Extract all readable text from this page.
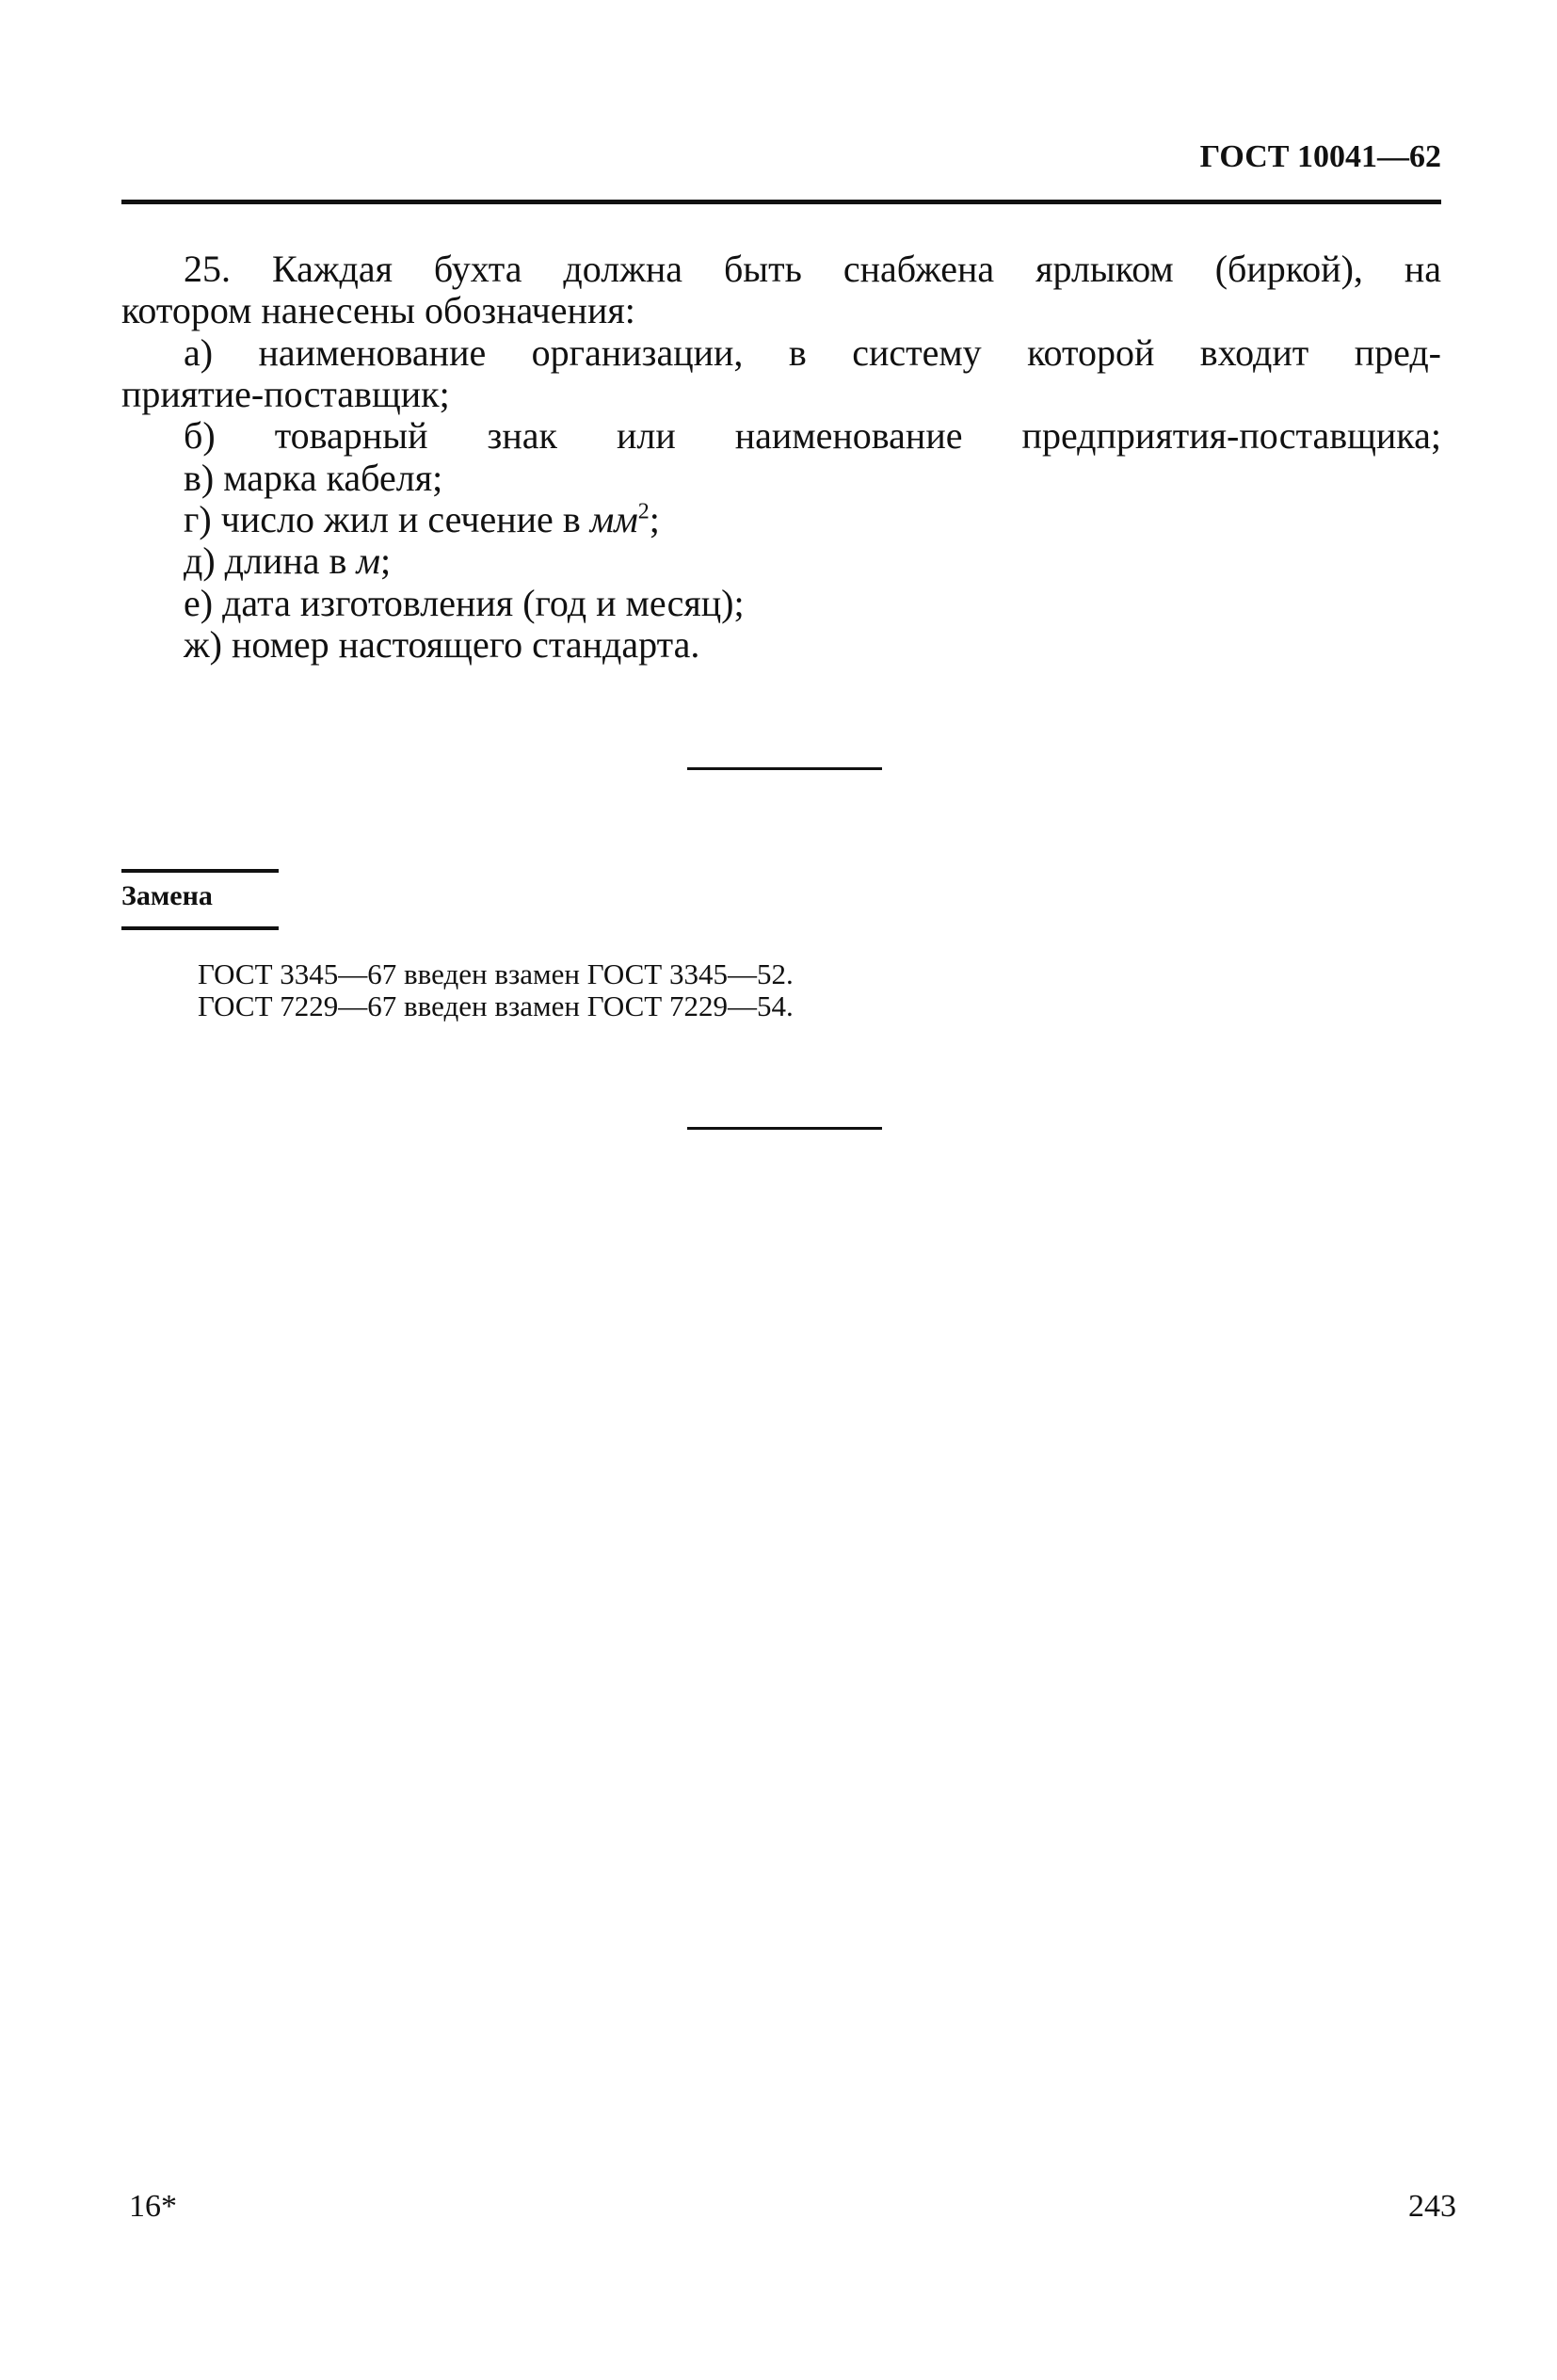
ГОСТ 10041—62
25. Каждая бухта должна быть снабжена ярлыком (биркой), на
котором нанесены обозначения:
а) наименование организации, в систему которой входит пред-
приятие-поставщик;
б) товарный знак или наименование предприятия-поставщика;
в) марка кабеля;
г) число жил и сечение в $мм^2$;
д) длина в м;
е) дата изготовления (год и месяц);
ж) номер настоящего стандарта.
Замена
ГОСТ 3345—67 введен взамен ГОСТ 3345—52.
ГОСТ 7229—67 введен взамен ГОСТ 7229—54.
16*	243
